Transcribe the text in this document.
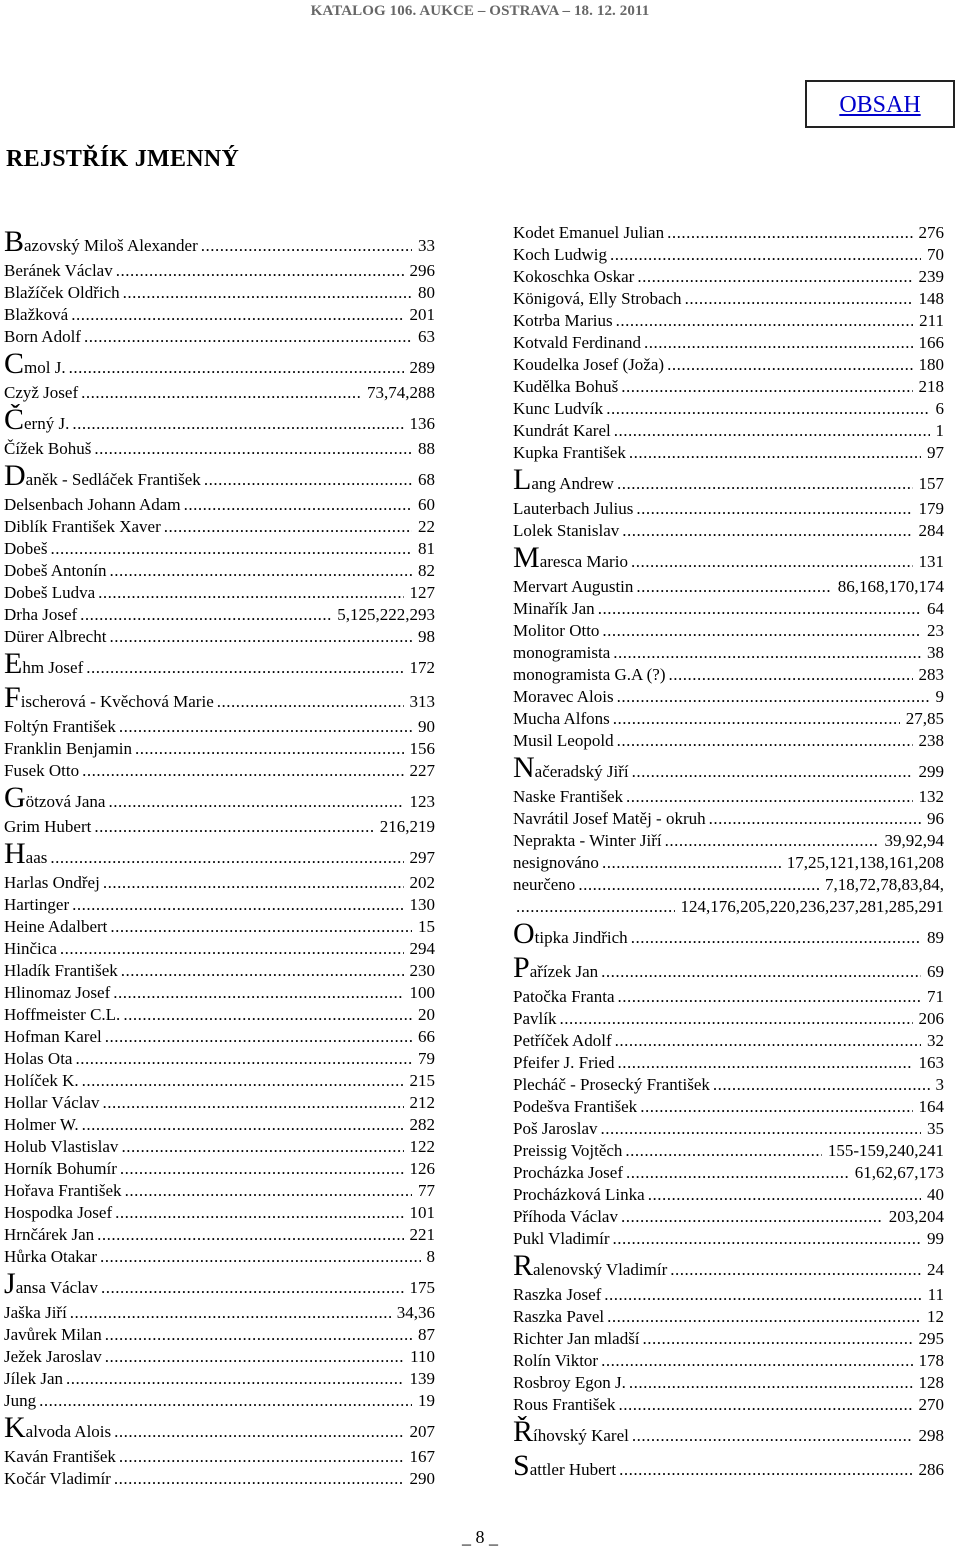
KATALOG 106. AUKCE – OSTRAVA – 18. 12. 2011
OBSAH
REJSTŘÍK JMENNÝ
Bazovský Miloš Alexander .....	33
Beránek Václav .....	296
Blažíček Oldřich .....	80
Blažková .....	201
Born Adolf .....	63
Cmol J. .....	289
Czyž Josef .....	73,74,288
Černý J. .....	136
Čížek Bohuš .....	88
Daněk - Sedláček František .....	68
Delsenbach Johann Adam .....	60
Diblík František Xaver .....	22
Dobeš .....	81
Dobeš Antonín .....	82
Dobeš Ludva .....	127
Drha Josef .....	5,125,222,293
Dürer Albrecht .....	98
Ehm Josef .....	172
Fischerová - Kvěchová Marie .....	313
Foltýn František .....	90
Franklin Benjamin .....	156
Fusek Otto .....	227
Götzová Jana .....	123
Grim Hubert .....	216,219
Haas .....	297
Harlas Ondřej .....	202
Hartinger .....	130
Heine Adalbert .....	15
Hinčica .....	294
Hladík František .....	230
Hlinomaz Josef .....	100
Hoffmeister C.L. .....	20
Hofman Karel .....	66
Holas Ota .....	79
Holíček K. .....	215
Hollar Václav .....	212
Holmer W. .....	282
Holub Vlastislav .....	122
Horník Bohumír .....	126
Hořava František .....	77
Hospodka Josef .....	101
Hrnčárek Jan .....	221
Hůrka Otakar .....	8
Jansa Václav .....	175
Jaška Jiří .....	34,36
Javůrek Milan .....	87
Ježek Jaroslav .....	110
Jílek Jan .....	139
Jung .....	19
Kalvoda Alois .....	207
Kaván František .....	167
Kočár Vladimír .....	290
Kodet Emanuel Julian .....	276
Koch Ludwig .....	70
Kokoschka Oskar .....	239
Königová, Elly Strobach .....	148
Kotrba Marius .....	211
Kotvald Ferdinand .....	166
Koudelka Josef (Joža) .....	180
Kudělka Bohuš .....	218
Kunc Ludvík .....	6
Kundrát Karel .....	1
Kupka František .....	97
Lang Andrew .....	157
Lauterbach Julius .....	179
Lolek Stanislav .....	284
Maresca Mario .....	131
Mervart Augustin .....	86,168,170,174
Minařík Jan .....	64
Molitor Otto .....	23
monogramista .....	38
monogramista G.A (?) .....	283
Moravec Alois .....	9
Mucha Alfons .....	27,85
Musil Leopold .....	238
Načeradský Jiří .....	299
Naske František .....	132
Navrátil Josef Matěj - okruh .....	96
Neprakta - Winter Jiří .....	39,92,94
nesignováno .....	17,25,121,138,161,208
neurčeno .....	7,18,72,78,83,84,
.....
124,176,205,220,236,237,281,285,291
Otipka Jindřich .....	89
Pařízek Jan .....	69
Patočka Franta .....	71
Pavlík .....	206
Petříček Adolf .....	32
Pfeifer J. Fried .....	163
Plecháč - Prosecký František .....	3
Podešva František .....	164
Poš Jaroslav .....	35
Preissig Vojtěch .....	155-159,240,241
Procházka Josef .....	61,62,67,173
Procházková Linka .....	40
Příhoda Václav .....	203,204
Pukl Vladimír .....	99
Ralenovský Vladimír .....	24
Raszka Josef .....	11
Raszka Pavel .....	12
Richter Jan mladší .....	295
Rolín Viktor .....	178
Rosbroy Egon J. .....	128
Rous František .....	270
Říhovský Karel .....	298
Sattler Hubert .....	286
_ 8 _
